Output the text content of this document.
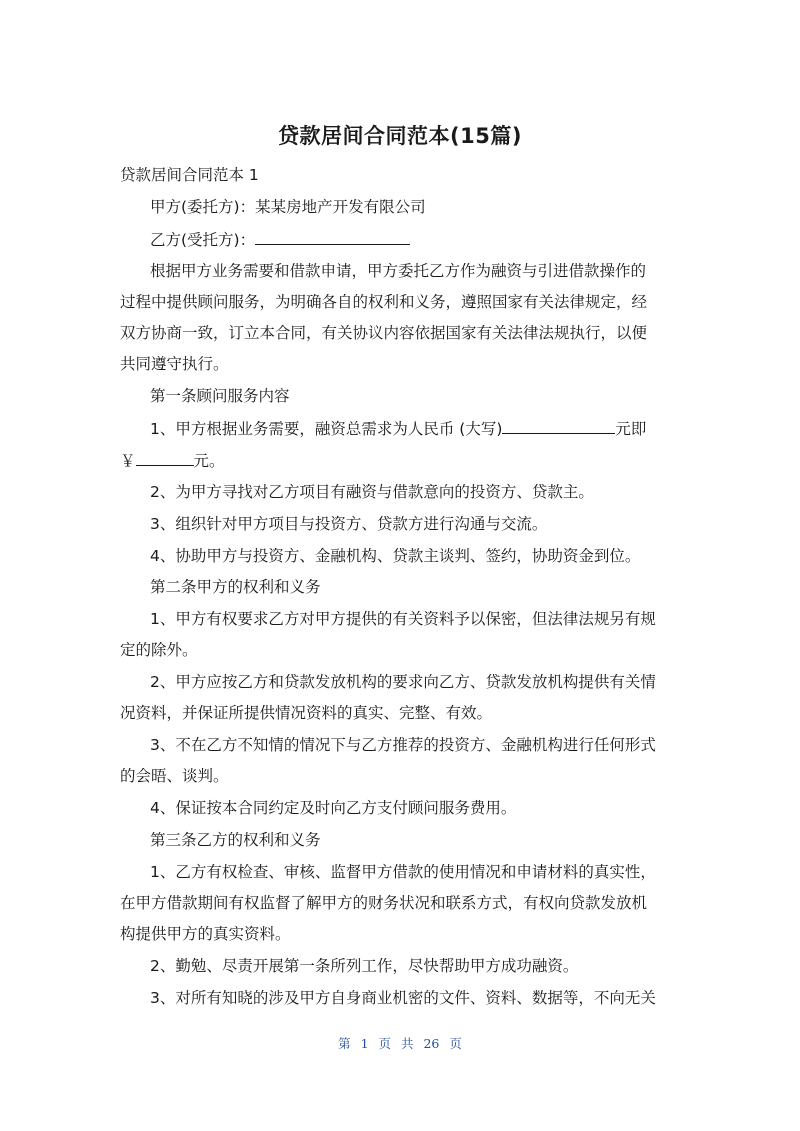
贷款居间合同范本(15篇)
贷款居间合同范本 1
甲方(委托方)：某某房地产开发有限公司
乙方(受托方)：
根据甲方业务需要和借款申请，甲方委托乙方作为融资与引进借款操作的
过程中提供顾问服务，为明确各自的权利和义务，遵照国家有关法律规定，经
双方协商一致，订立本合同，有关协议内容依据国家有关法律法规执行，以便
共同遵守执行。
第一条顾问服务内容
1、甲方根据业务需要，融资总需求为人民币 (大写)	元即
￥	元。
2、为甲方寻找对乙方项目有融资与借款意向的投资方、贷款主。
3、组织针对甲方项目与投资方、贷款方进行沟通与交流。
4、协助甲方与投资方、金融机构、贷款主谈判、签约，协助资金到位。
第二条甲方的权利和义务
1、甲方有权要求乙方对甲方提供的有关资料予以保密，但法律法规另有规
定的除外。
2、甲方应按乙方和贷款发放机构的要求向乙方、贷款发放机构提供有关情
况资料，并保证所提供情况资料的真实、完整、有效。
3、不在乙方不知情的情况下与乙方推荐的投资方、金融机构进行任何形式
的会晤、谈判。
4、保证按本合同约定及时向乙方支付顾问服务费用。
第三条乙方的权利和义务
1、乙方有权检查、审核、监督甲方借款的使用情况和申请材料的真实性，
在甲方借款期间有权监督了解甲方的财务状况和联系方式，有权向贷款发放机
构提供甲方的真实资料。
2、勤勉、尽责开展第一条所列工作，尽快帮助甲方成功融资。
3、对所有知晓的涉及甲方自身商业机密的文件、资料、数据等，不向无关
第 1 页 共 26 页
